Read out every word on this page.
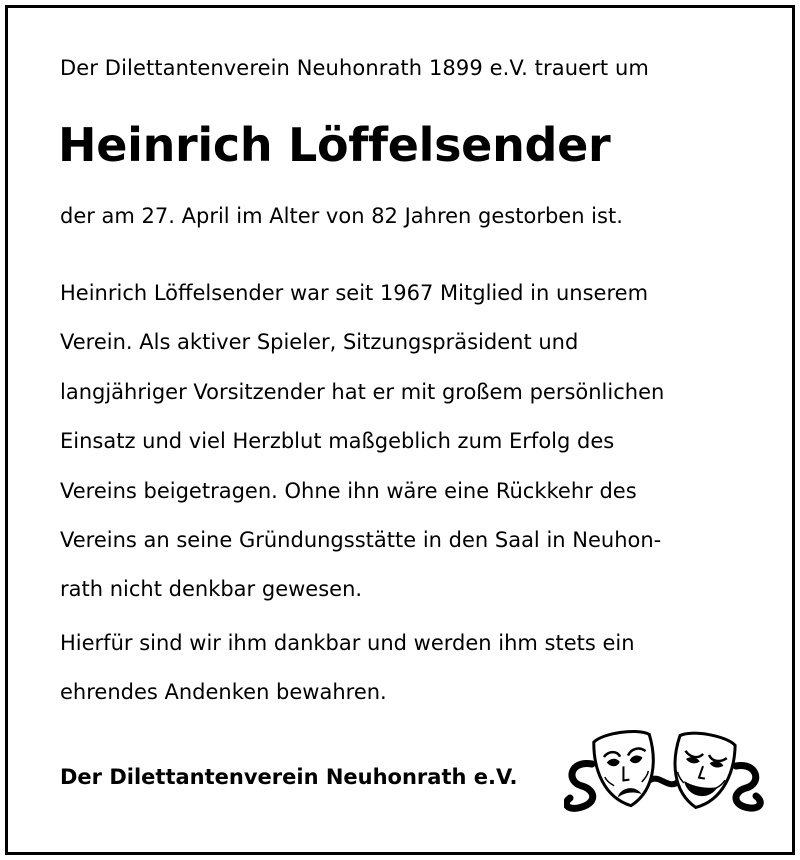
Der Dilettantenverein Neuhonrath 1899 e.V. trauert um
Heinrich Löffelsender
der am 27. April im Alter von 82 Jahren gestorben ist.
Heinrich Löffelsender war seit 1967 Mitglied in unserem
Verein. Als aktiver Spieler, Sitzungspräsident und
langjähriger Vorsitzender hat er mit großem persönlichen
Einsatz und viel Herzblut maßgeblich zum Erfolg des
Vereins beigetragen. Ohne ihn wäre eine Rückkehr des
Vereins an seine Gründungsstätte in den Saal in Neuhon-
rath nicht denkbar gewesen.
Hierfür sind wir ihm dankbar und werden ihm stets ein
ehrendes Andenken bewahren.
Der Dilettantenverein Neuhonrath e.V.
